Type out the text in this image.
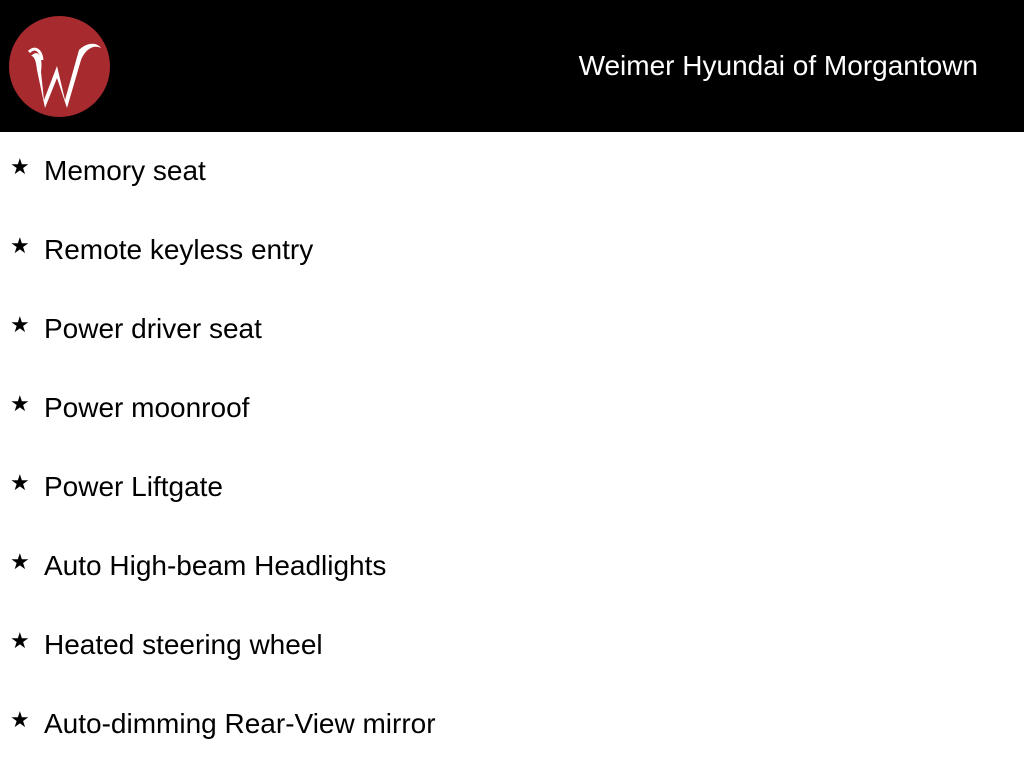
Weimer Hyundai of Morgantown
★ Memory seat
★ Remote keyless entry
★ Power driver seat
★ Power moonroof
★ Power Liftgate
★ Auto High-beam Headlights
★ Heated steering wheel
★ Auto-dimming Rear-View mirror
